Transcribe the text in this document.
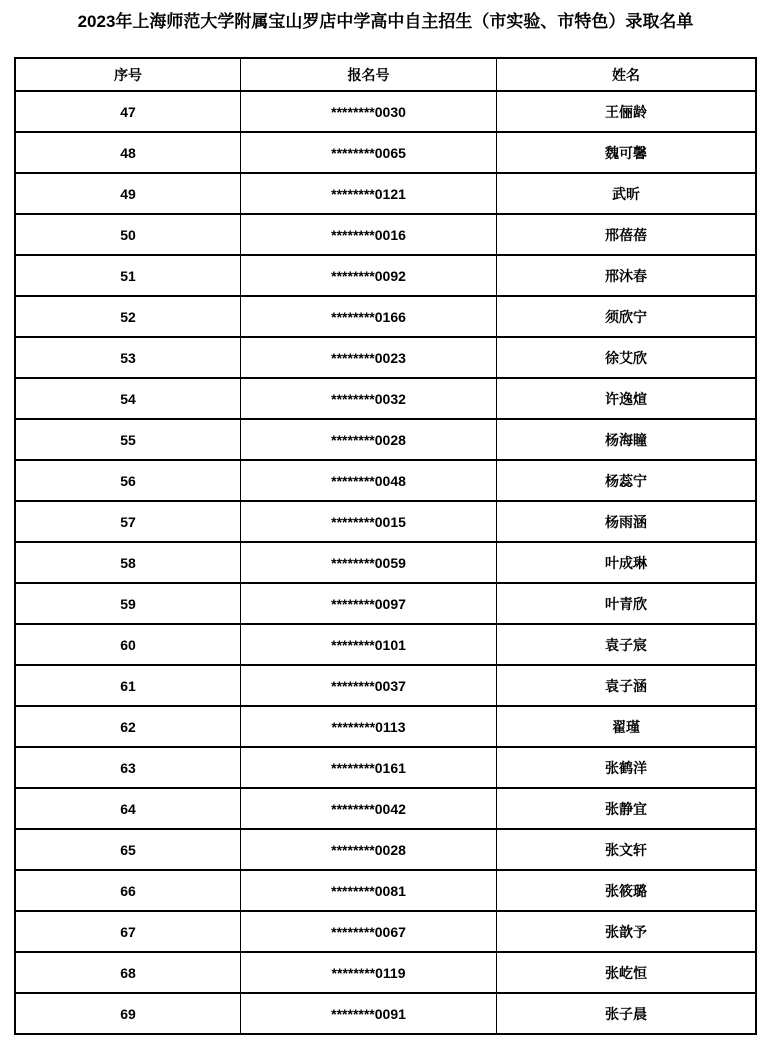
2023年上海师范大学附属宝山罗店中学高中自主招生（市实验、市特色）录取名单
序号	报名号	姓名
47	********0030	王俪龄
48	********0065	魏可馨
49	********0121	武昕
50	********0016	邢蓓蓓
51	********0092	邢沐春
52	********0166	须欣宁
53	********0023	徐艾欣
54	********0032	许逸煊
55	********0028	杨海瞳
56	********0048	杨蕊宁
57	********0015	杨雨涵
58	********0059	叶成琳
59	********0097	叶青欣
60	********0101	袁子宸
61	********0037	袁子涵
62	********0113	翟瑾
63	********0161	张鹤洋
64	********0042	张静宜
65	********0028	张文轩
66	********0081	张筱璐
67	********0067	张歆予
68	********0119	张屹恒
69	********0091	张子晨
